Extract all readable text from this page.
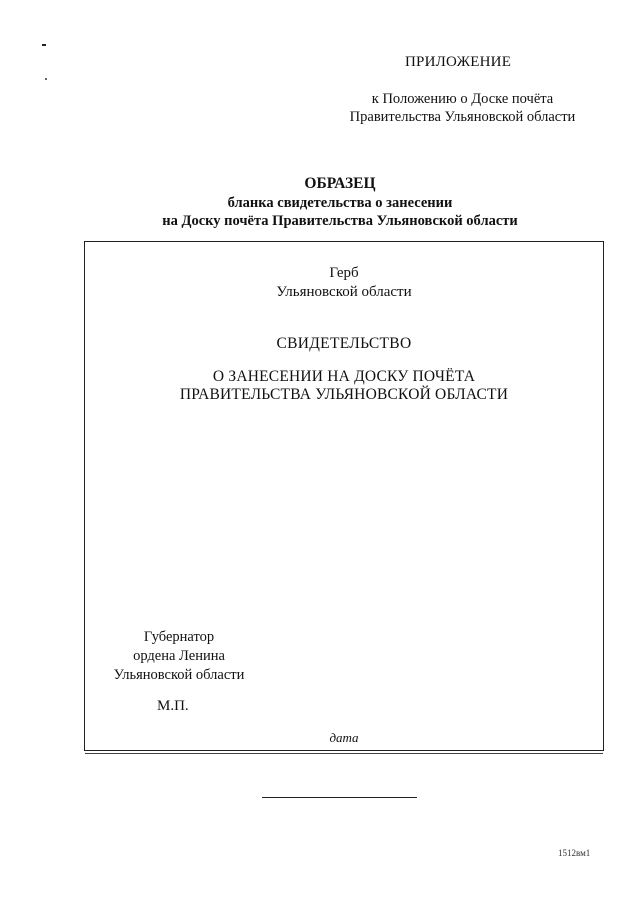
ПРИЛОЖЕНИЕ
к Положению о Доске почёта
Правительства Ульяновской области
ОБРАЗЕЦ
бланка свидетельства о занесении
на Доску почёта Правительства Ульяновской области
Герб
Ульяновской области
СВИДЕТЕЛЬСТВО
О ЗАНЕСЕНИИ НА ДОСКУ ПОЧЁТА
ПРАВИТЕЛЬСТВА УЛЬЯНОВСКОЙ ОБЛАСТИ
Губернатор
ордена Ленина
Ульяновской области
М.П.
дата
1512вм1
